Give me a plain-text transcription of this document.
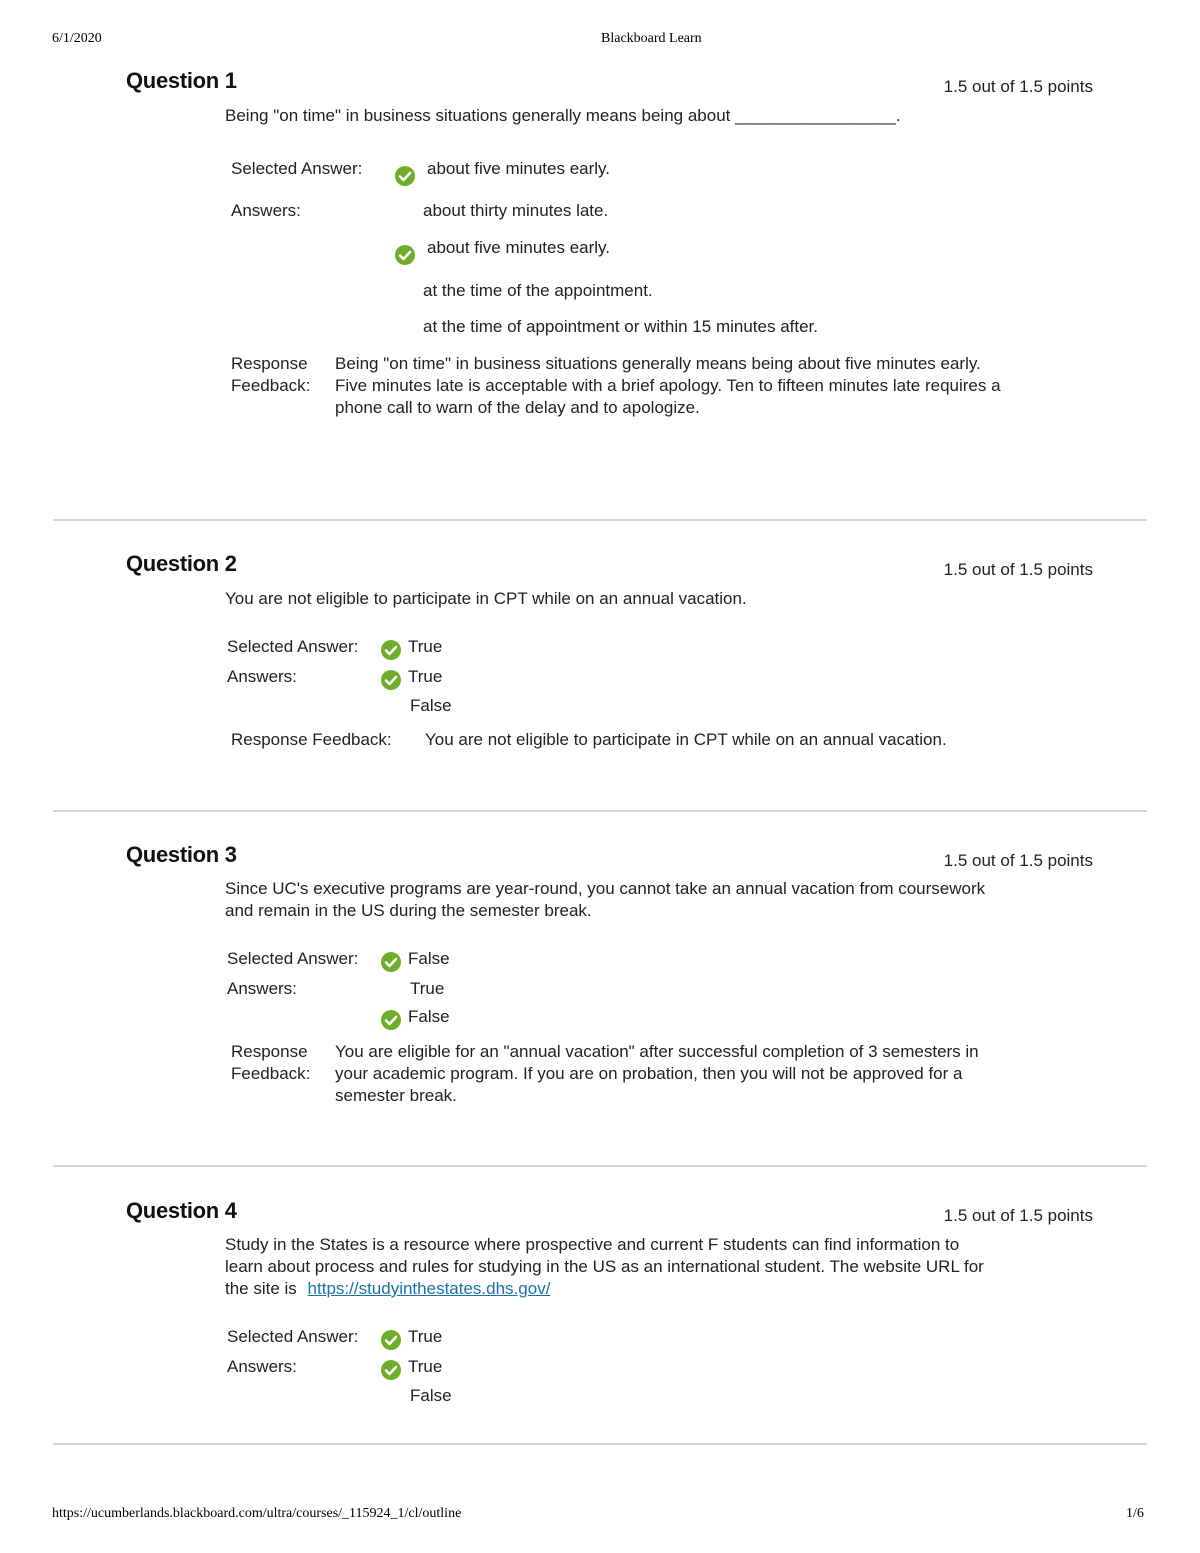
6/1/2020	Blackboard Learn
Question 1	1.5 out of 1.5 points
Being "on time" in business situations generally means being about _________________.
Selected Answer:	about five minutes early.
Answers:	about thirty minutes late.
about five minutes early.
at the time of the appointment.
at the time of appointment or within 15 minutes after.
Response
Feedback:
Being "on time" in business situations generally means being about five minutes early.
Five minutes late is acceptable with a brief apology. Ten to fifteen minutes late requires a
phone call to warn of the delay and to apologize.
Question 2	1.5 out of 1.5 points
You are not eligible to participate in CPT while on an annual vacation.
Selected Answer:	True
Answers:	True
False
Response Feedback: You are not eligible to participate in CPT while on an annual vacation.
Question 3	1.5 out of 1.5 points
Since UC's executive programs are year-round, you cannot take an annual vacation from coursework
and remain in the US during the semester break.
Selected Answer:	False
Answers:	True
False
Response
Feedback:
You are eligible for an "annual vacation" after successful completion of 3 semesters in
your academic program. If you are on probation, then you will not be approved for a
semester break.
Question 4	1.5 out of 1.5 points
Study in the States is a resource where prospective and current F students can find information to
learn about process and rules for studying in the US as an international student. The website URL for
the site is https://studyinthestates.dhs.gov/
Selected Answer:	True
Answers:	True
False
https://ucumberlands.blackboard.com/ultra/courses/_115924_1/cl/outline	1/6
